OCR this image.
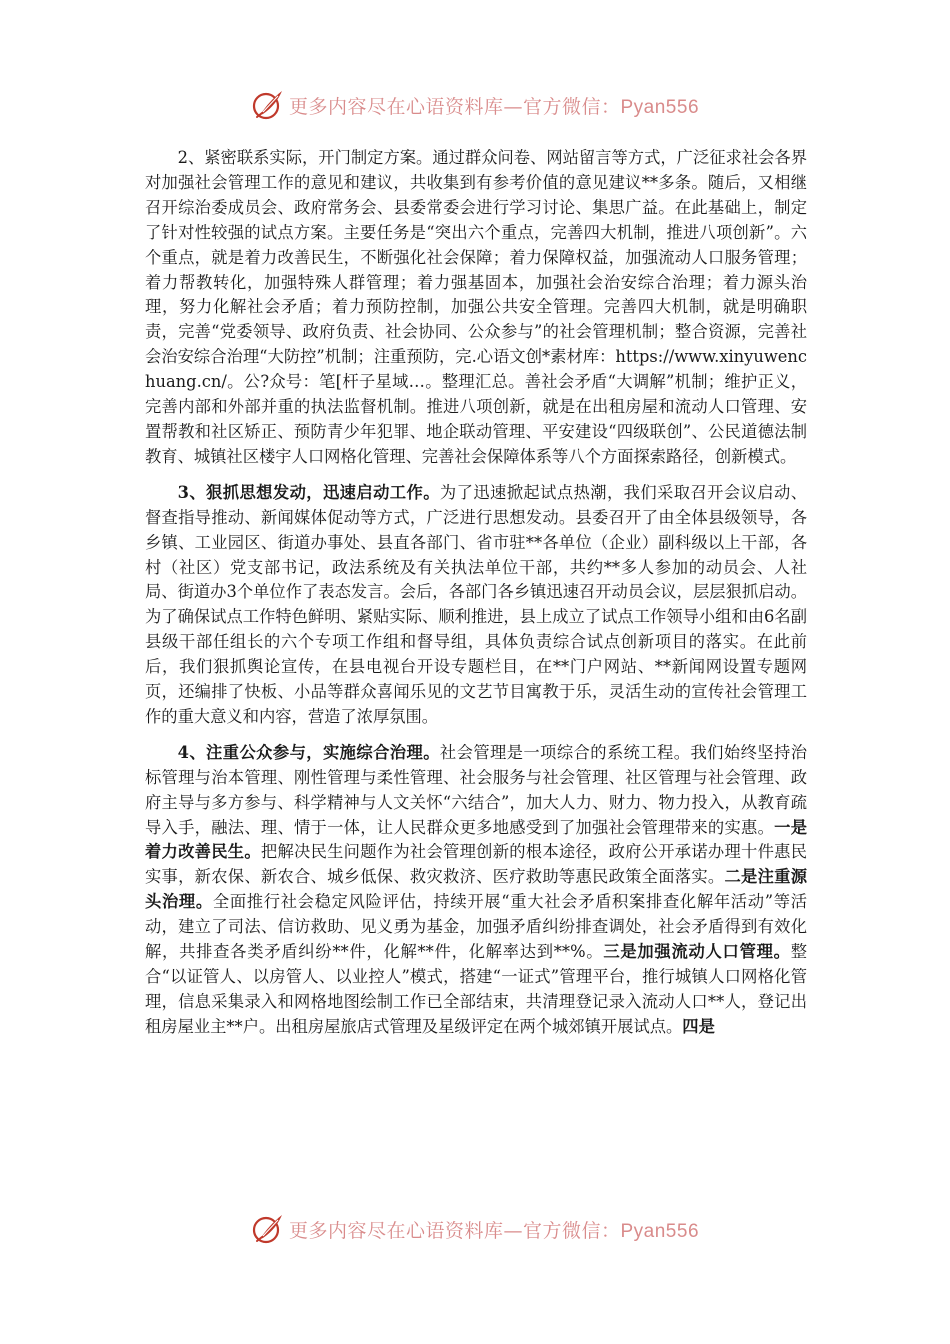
更多内容尽在心语资料库—官方微信：Pyan556

2、紧密联系实际，开门制定方案。通过群众问卷、网站留言等方式，广泛征求社会各界对加强社会管理工作的意见和建议，共收集到有参考价值的意见建议**多条。随后，又相继召开综治委成员会、政府常务会、县委常委会进行学习讨论、集思广益。在此基础上，制定了针对性较强的试点方案。主要任务是“突出六个重点，完善四大机制，推进八项创新”。六个重点，就是着力改善民生，不断强化社会保障；着力保障权益，加强流动人口服务管理；着力帮教转化，加强特殊人群管理；着力强基固本，加强社会治安综合治理；着力源头治理，努力化解社会矛盾；着力预防控制，加强公共安全管理。完善四大机制，就是明确职责，完善“党委领导、政府负责、社会协同、公众参与”的社会管理机制；整合资源，完善社会治安综合治理“大防控”机制；注重预防，完.心语文创*素材库：https://www.xinyuwenchuang.cn/。公?众号：笔[杆子星域…。整理汇总。善社会矛盾“大调解”机制；维护正义，完善内部和外部并重的执法监督机制。推进八项创新，就是在出租房屋和流动人口管理、安置帮教和社区矫正、预防青少年犯罪、地企联动管理、平安建设“四级联创”、公民道德法制教育、城镇社区楼宇人口网格化管理、完善社会保障体系等八个方面探索路径，创新模式。

3、狠抓思想发动，迅速启动工作。为了迅速掀起试点热潮，我们采取召开会议启动、督查指导推动、新闻媒体促动等方式，广泛进行思想发动。县委召开了由全体县级领导，各乡镇、工业园区、街道办事处、县直各部门、省市驻**各单位（企业）副科级以上干部，各村（社区）党支部书记，政法系统及有关执法单位干部，共约**多人参加的动员会、人社局、街道办3个单位作了表态发言。会后，各部门各乡镇迅速召开动员会议，层层狠抓启动。为了确保试点工作特色鲜明、紧贴实际、顺利推进，县上成立了试点工作领导小组和由6名副县级干部任组长的六个专项工作组和督导组，具体负责综合试点创新项目的落实。在此前后，我们狠抓舆论宣传，在县电视台开设专题栏目，在**门户网站、**新闻网设置专题网页，还编排了快板、小品等群众喜闻乐见的文艺节目寓教于乐，灵活生动的宣传社会管理工作的重大意义和内容，营造了浓厚氛围。

4、注重公众参与，实施综合治理。社会管理是一项综合的系统工程。我们始终坚持治标管理与治本管理、刚性管理与柔性管理、社会服务与社会管理、社区管理与社会管理、政府主导与多方参与、科学精神与人文关怀“六结合”，加大人力、财力、物力投入，从教育疏导入手，融法、理、情于一体，让人民群众更多地感受到了加强社会管理带来的实惠。一是着力改善民生。把解决民生问题作为社会管理创新的根本途径，政府公开承诺办理十件惠民实事，新农保、新农合、城乡低保、救灾救济、医疗救助等惠民政策全面落实。二是注重源头治理。全面推行社会稳定风险评估，持续开展“重大社会矛盾积案排查化解年活动”等活动，建立了司法、信访救助、见义勇为基金，加强矛盾纠纷排查调处，社会矛盾得到有效化解，共排查各类矛盾纠纷**件，化解**件，化解率达到**%。三是加强流动人口管理。整合“以证管人、以房管人、以业控人”模式，搭建“一证式”管理平台，推行城镇人口网格化管理，信息采集录入和网格地图绘制工作已全部结束，共清理登记录入流动人口**人，登记出租房屋业主**户。出租房屋旅店式管理及星级评定在两个城郊镇开展试点。四是

更多内容尽在心语资料库—官方微信：Pyan556
